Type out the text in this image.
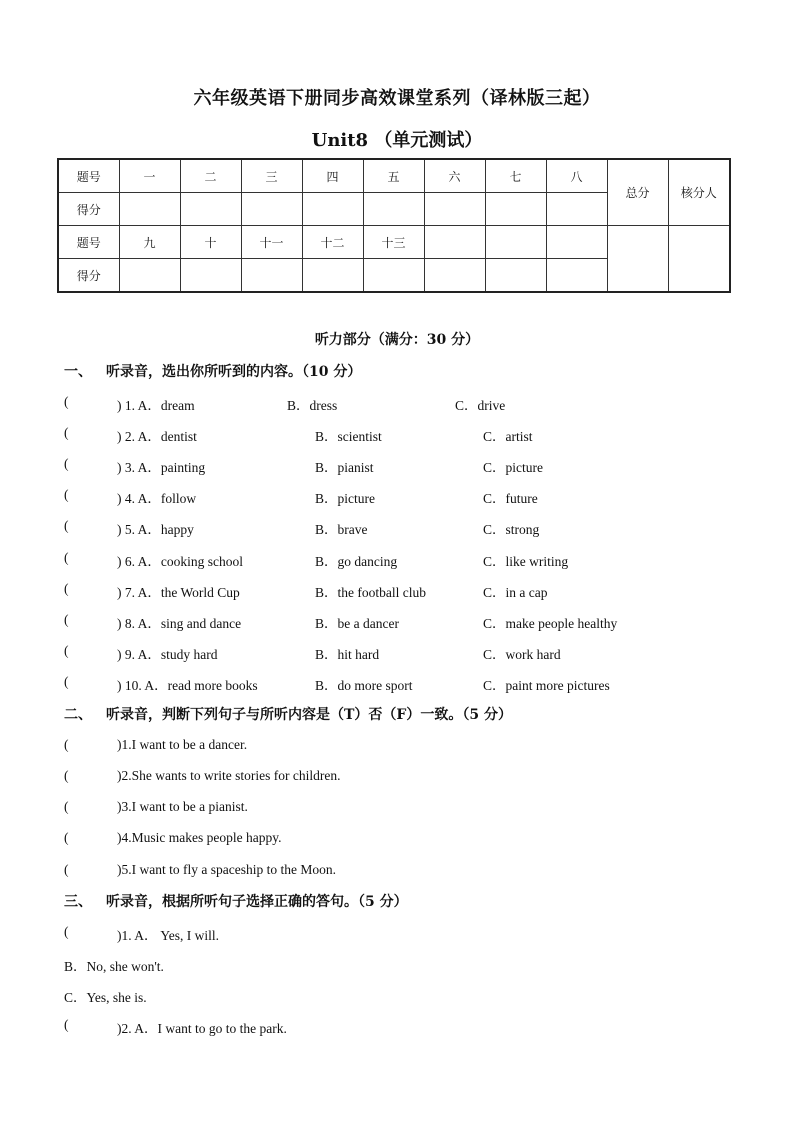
六年级英语下册同步高效课堂系列（译林版三起）
Unit8 （单元测试）
题号	一	二	三	四	五	六	七	八	总分	核分人
得分										
题号	九	十	十一	十二	十三					
得分										
听力部分（满分：30 分）
一、 听录音，选出你所听到的内容。（10 分）
(	) 1. A．dream	B．dress	C．drive
(	) 2. A．dentist	B．scientist	C．artist
(	) 3. A．painting	B．pianist	C．picture
(	) 4. A．follow	B．picture	C．future
(	) 5. A．happy	B．brave	C．strong
(	) 6. A．cooking school	B．go dancing	C．like writing
(	) 7. A．the World Cup	B．the football club	C．in a cap
(	) 8. A．sing and dance	B．be a dancer	C．make people healthy
(	) 9. A．study hard	B．hit hard	C．work hard
(	) 10. A．read more books	B．do more sport	C．paint more pictures
二、 听录音，判断下列句子与所听内容是（T）否（F）一致。（5 分）
(	)1.I want to be a dancer.
(	)2.She wants to write stories for children.
(	)3.I want to be a pianist.
(	)4.Music makes people happy.
(	)5.I want to fly a spaceship to the Moon.
三、 听录音，根据所听句子选择正确的答句。（5 分）
(	)1. A． Yes, I will.
B．No, she won't.
C．Yes, she is.
(	)2. A．I want to go to the park.
